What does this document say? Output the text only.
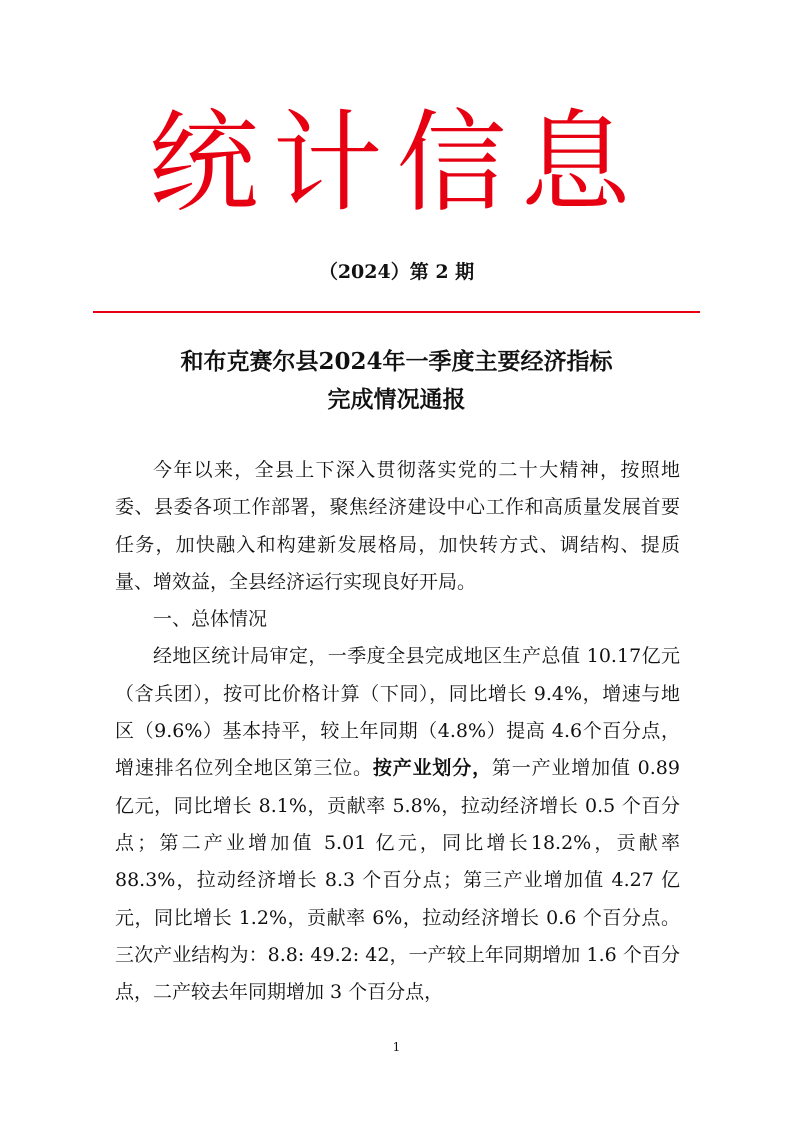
统计信息
（2024）第 2 期
和布克赛尔县2024年一季度主要经济指标
完成情况通报

今年以来，全县上下深入贯彻落实党的二十大精神，按照地委、县委各项工作部署，聚焦经济建设中心工作和高质量发展首要任务，加快融入和构建新发展格局，加快转方式、调结构、提质量、增效益，全县经济运行实现良好开局。

一、总体情况

经地区统计局审定，一季度全县完成地区生产总值 10.17亿元（含兵团），按可比价格计算（下同），同比增长 9.4%，增速与地区（9.6%）基本持平，较上年同期（4.8%）提高 4.6个百分点，增速排名位列全地区第三位。按产业划分，第一产业增加值 0.89 亿元，同比增长 8.1%，贡献率 5.8%，拉动经济增长 0.5 个百分点；第二产业增加值 5.01 亿元，同比增长18.2%，贡献率 88.3%，拉动经济增长 8.3 个百分点；第三产业增加值 4.27 亿元，同比增长 1.2%，贡献率 6%，拉动经济增长 0.6 个百分点。三次产业结构为：8.8: 49.2: 42，一产较上年同期增加 1.6 个百分点，二产较去年同期增加 3 个百分点，

1
